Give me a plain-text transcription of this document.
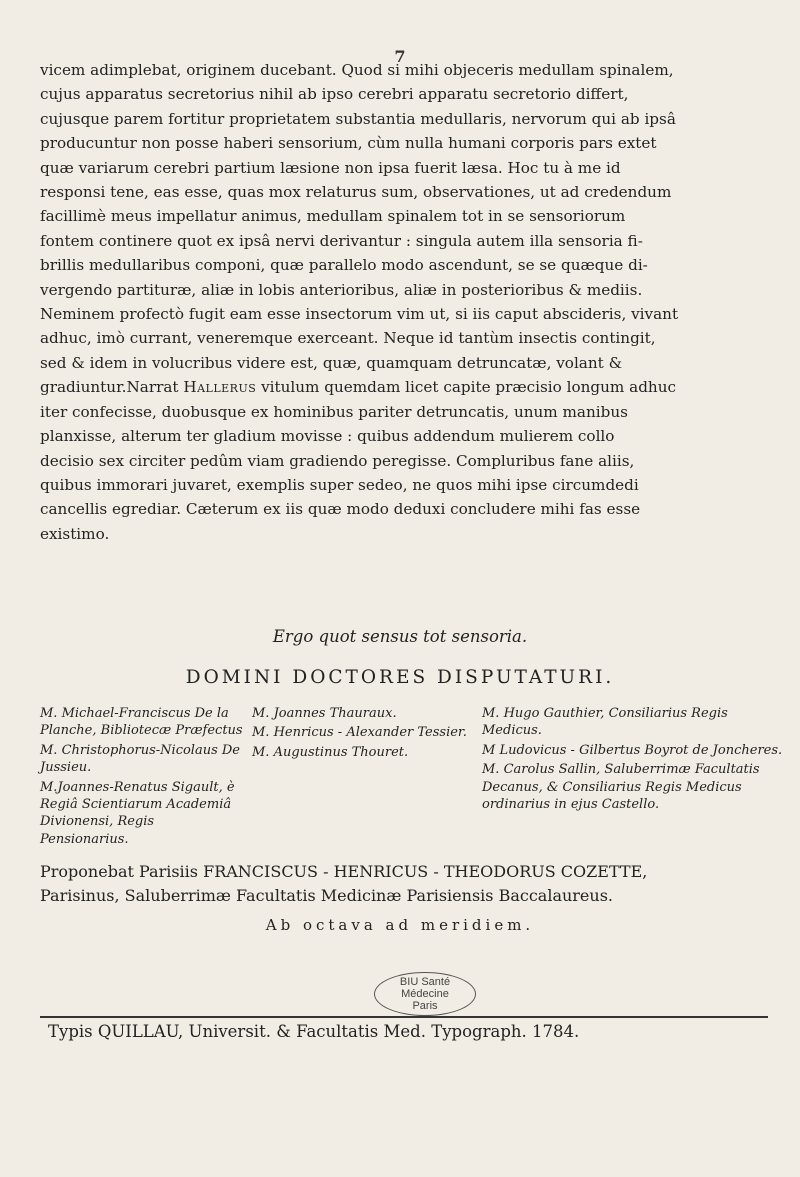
7

vicem adimplebat, originem ducebant. Quod si mihi objeceris medullam spinalem,

cujus apparatus secretorius nihil ab ipso cerebri apparatu secretorio differt,

cujusque parem fortitur proprietatem substantia medullaris, nervorum qui ab ipsâ

producuntur non posse haberi sensorium, cùm nulla humani corporis pars extet

quæ variarum cerebri partium læsione non ipsa fuerit læsa. Hoc tu à me id

responsi tene, eas esse, quas mox relaturus sum, observationes, ut ad credendum

facillimè meus impellatur animus, medullam spinalem tot in se sensoriorum

fontem continere quot ex ipsâ nervi derivantur : singula autem illa sensoria fi-

brillis medullaribus componi, quæ parallelo modo ascendunt, se se quæque di-

vergendo partituræ, aliæ in lobis anterioribus, aliæ in posterioribus & mediis.

Neminem profectò fugit eam esse insectorum vim ut, si iis caput abscideris, vivant

adhuc, imò currant, veneremque exerceant. Neque id tantùm insectis contingit,

sed & idem in volucribus videre est, quæ, quamquam detruncatæ, volant &

gradiuntur.Narrat Hallerus vitulum quemdam licet capite præcisio longum adhuc

iter confecisse, duobusque ex hominibus pariter detruncatis, unum manibus

planxisse, alterum ter gladium movisse : quibus addendum mulierem collo

decisio sex circiter pedûm viam gradiendo peregisse. Compluribus fane aliis,

quibus immorari juvaret, exemplis super sedeo, ne quos mihi ipse circumdedi

cancellis egrediar. Cæterum ex iis quæ modo deduxi concludere mihi fas esse

existimo.

Ergo quot sensus tot sensoria.
DOMINI DOCTORES DISPUTATURI.
M. Michael-Franciscus De la Planche, Bibliotecæ Præfectus
M. Christophorus-Nicolaus De Jussieu.
M.Joannes-Renatus Sigault, è Regiâ Scientiarum Academiâ Divionensi, Regis Pensionarius.
M. Joannes Thauraux.
M. Henricus - Alexander Tessier.
M. Augustinus Thouret.
M. Hugo Gauthier, Consiliarius Regis Medicus.
M Ludovicus - Gilbertus Boyrot de Joncheres.
M. Carolus Sallin, Saluberrimæ Facultatis Decanus, & Consiliarius Regis Medicus ordinarius in ejus Castello.

Proponebat Parisiis FRANCISCUS - HENRICUS - THEODORUS COZETTE,

Parisinus, Saluberrimæ Facultatis Medicinæ Parisiensis Baccalaureus.

Ab octava ad meridiem.
BIU Santé
Médecine
Paris
Typis QUILLAU, Universit. & Facultatis Med. Typograph. 1784.
